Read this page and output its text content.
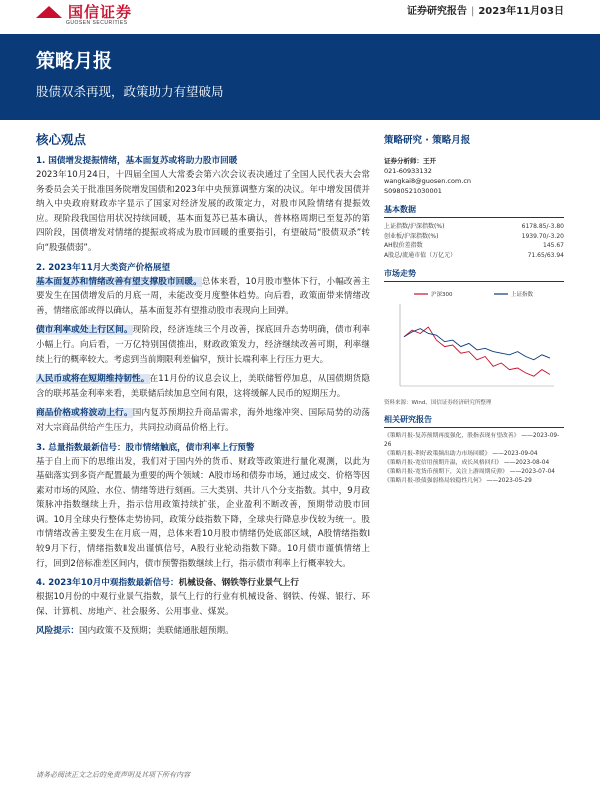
国信证券
GUOSEN SECURITIES
证券研究报告 | 2023年11月03日
策略月报
股债双杀再现，政策助力有望破局
核心观点
1. 国债增发提振情绪，基本面复苏或将助力股市回暖

2023年10月24日，十四届全国人大常委会第六次会议表决通过了全国人民代表大会常务委员会关于批准国务院增发国债和2023年中央预算调整方案的决议。年中增发国债并纳入中央政府财政赤字显示了国家对经济发展的政策定力，对股市风险情绪有提振效应。现阶段我国信用状况持续回暖，基本面复苏已基本确认，普林格周期已至复苏的第四阶段，国债增发对情绪的提振或将成为股市回暖的重要指引，有望破局“股债双杀”转向“股强债弱”。

2. 2023年11月大类资产价格展望

基本面复苏和情绪改善有望支撑股市回暖。总体来看，10月股市整体下行，小幅改善主要发生在国债增发后的月底一周，未能改变月度整体趋势。向后看，政策面带来情绪改善，情绪底部或得以确认，基本面复苏有望推动股市表现向上回弹。

债市利率或处上行区间。现阶段，经济连续三个月改善，探底回升态势明确，债市利率小幅上行。向后看，一万亿特别国债推出，财政政策发力，经济继续改善可期，利率继续上行的概率较大。考虑到当前期限利差偏窄，预计长端利率上行压力更大。

人民币或将在短期维持韧性。在11月份的议息会议上，美联储暂停加息，从国债期货隐含的联邦基金利率来看，美联储后续加息空间有限，这将缓解人民币的短期压力。

商品价格或将波动上行。国内复苏预期拉升商品需求，海外地缘冲突、国际局势的动荡对大宗商品供给产生压力，共同拉动商品价格上行。

3. 总量指数最新信号：股市情绪触底，债市利率上行预警

基于自上而下的思维出发，我们对于国内外的货币、财政等政策进行量化观测，以此为基础落实到多资产配置最为重要的两个领域：A股市场和债券市场，通过成交、价格等因素对市场的风险、水位、情绪等进行刻画。三大类别、共计八个分支指数。其中，9月政策脉冲指数继续上升，指示信用政策持续扩张，企业盈利不断改善，预期带动股市回调。10月全球央行整体走势协同，政策分歧指数下降，全球央行降息步伐较为统一。股市情绪改善主要发生在月底一周，总体来看10月股市情绪仍处底部区域，A股情绪指数Ⅰ较9月下行，情绪指数Ⅱ发出谨慎信号，A股行业轮动指数下降。10月债市谨慎情绪上行，回到2倍标准差区间内，债市预警指数继续上行，指示债市利率上行概率较大。

4. 2023年10月中观指数最新信号：机械设备、钢铁等行业景气上行

根据10月份的中观行业景气指数，景气上行的行业有机械设备、钢铁、传媒、银行、环保、计算机、房地产、社会服务、公用事业、煤炭。

风险提示：国内政策不及预期；美联储通胀超预期。

策略研究 · 策略月报
证券分析师：王开
021-60933132
wangkai8@guosen.com.cn
S0980521030001
基本数据
上证指数/沪深指数(%)	6178.85/-3.80
创业板/沪深指数(%)	1939.70/-3.20
AH股价差指数	145.67
A股总/流通市值（万亿元）	71.65/63.94
市场走势
沪深300	上证指数
资料来源：Wind、国信证券经济研究所整理
相关研究报告
《策略月报-复苏预期再度强化，股指表现有望改善》 ——2023-09-26
《策略月报-利好政策频出助力市场回暖》 ——2023-09-04
《策略月报-宽信用预期升温，成长风格回归》 ——2023-08-04
《策略月报-宽货币预期下，关注上游周期反弹》 ——2023-07-04
《策略月报-股债强弱格局较稳性几何》 ——2023-05-29
请务必阅读正文之后的免责声明及其项下所有内容
